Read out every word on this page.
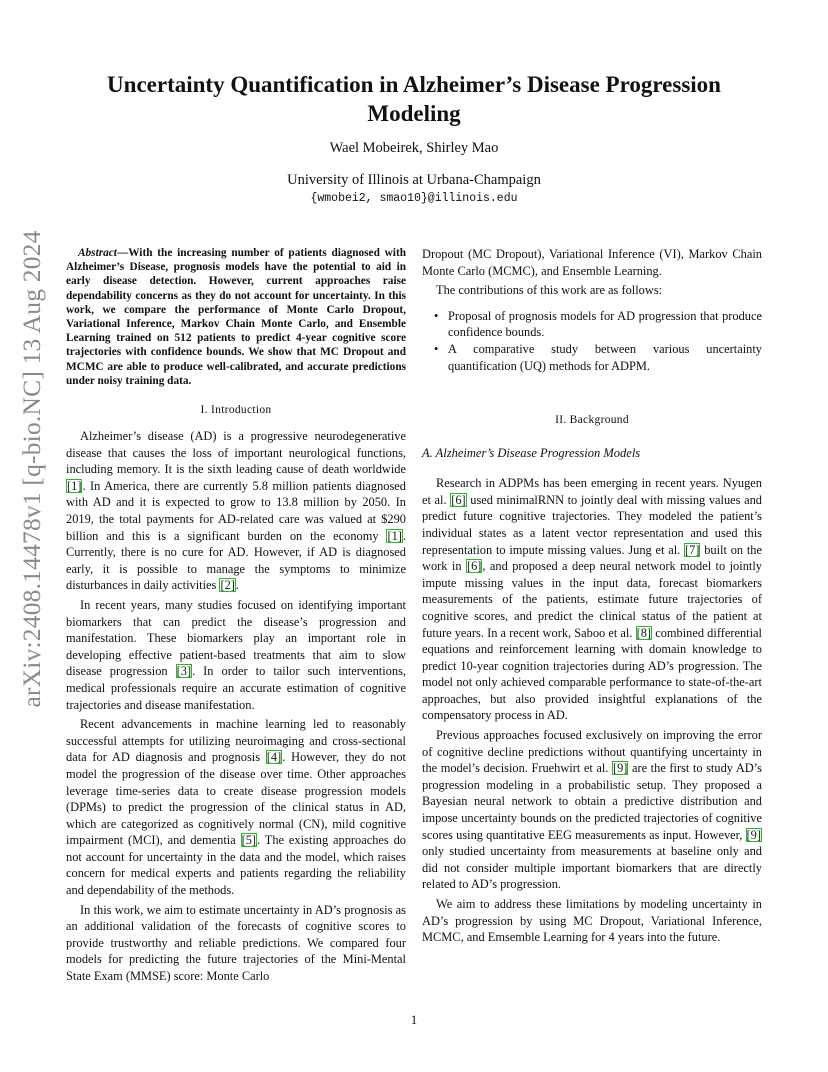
arXiv:2408.14478v1 [q-bio.NC] 13 Aug 2024
Uncertainty Quantification in Alzheimer’s Disease Progression Modeling

Wael Mobeirek, Shirley Mao

University of Illinois at Urbana-Champaign

{wmobei2, smao10}@illinois.edu

Abstract—With the increasing number of patients diagnosed with Alzheimer’s Disease, prognosis models have the potential to aid in early disease detection. However, current approaches raise dependability concerns as they do not account for uncertainty. In this work, we compare the performance of Monte Carlo Dropout, Variational Inference, Markov Chain Monte Carlo, and Ensemble Learning trained on 512 patients to predict 4-year cognitive score trajectories with confidence bounds. We show that MC Dropout and MCMC are able to produce well-calibrated, and accurate predictions under noisy training data.

I. Introduction

Alzheimer’s disease (AD) is a progressive neurodegenerative disease that causes the loss of important neurological functions, including memory. It is the sixth leading cause of death worldwide [1]. In America, there are currently 5.8 million patients diagnosed with AD and it is expected to grow to 13.8 million by 2050. In 2019, the total payments for AD-related care was valued at $290 billion and this is a significant burden on the economy [1]. Currently, there is no cure for AD. However, if AD is diagnosed early, it is possible to manage the symptoms to minimize disturbances in daily activities [2].

In recent years, many studies focused on identifying important biomarkers that can predict the disease’s progression and manifestation. These biomarkers play an important role in developing effective patient-based treatments that aim to slow disease progression [3]. In order to tailor such interventions, medical professionals require an accurate estimation of cognitive trajectories and disease manifestation.

Recent advancements in machine learning led to reasonably successful attempts for utilizing neuroimaging and cross-sectional data for AD diagnosis and prognosis [4]. However, they do not model the progression of the disease over time. Other approaches leverage time-series data to create disease progression models (DPMs) to predict the progression of the clinical status in AD, which are categorized as cognitively normal (CN), mild cognitive impairment (MCI), and dementia [5]. The existing approaches do not account for uncertainty in the data and the model, which raises concern for medical experts and patients regarding the reliability and dependability of the methods.

In this work, we aim to estimate uncertainty in AD’s prognosis as an additional validation of the forecasts of cognitive scores to provide trustworthy and reliable predictions. We compared four models for predicting the future trajectories of the Mini-Mental State Exam (MMSE) score: Monte Carlo

Dropout (MC Dropout), Variational Inference (VI), Markov Chain Monte Carlo (MCMC), and Ensemble Learning.

The contributions of this work are as follows:

• Proposal of prognosis models for AD progression that produce confidence bounds.
• A comparative study between various uncertainty quantification (UQ) methods for ADPM.

II. Background

A. Alzheimer’s Disease Progression Models

Research in ADPMs has been emerging in recent years. Nyugen et al. [6] used minimalRNN to jointly deal with missing values and predict future cognitive trajectories. They modeled the patient’s individual states as a latent vector representation and used this representation to impute missing values. Jung et al. [7] built on the work in [6], and proposed a deep neural network model to jointly impute missing values in the input data, forecast biomarkers measurements of the patients, estimate future trajectories of cognitive scores, and predict the clinical status of the patient at future years. In a recent work, Saboo et al. [8] combined differential equations and reinforcement learning with domain knowledge to predict 10-year cognition trajectories during AD’s progression. The model not only achieved comparable performance to state-of-the-art approaches, but also provided insightful explanations of the compensatory process in AD.

Previous approaches focused exclusively on improving the error of cognitive decline predictions without quantifying uncertainty in the model’s decision. Fruehwirt et al. [9] are the first to study AD’s progression modeling in a probabilistic setup. They proposed a Bayesian neural network to obtain a predictive distribution and impose uncertainty bounds on the predicted trajectories of cognitive scores using quantitative EEG measurements as input. However, [9] only studied uncertainty from measurements at baseline only and did not consider multiple important biomarkers that are directly related to AD’s progression.

We aim to address these limitations by modeling uncertainty in AD’s progression by using MC Dropout, Variational Inference, MCMC, and Emsemble Learning for 4 years into the future.

1
